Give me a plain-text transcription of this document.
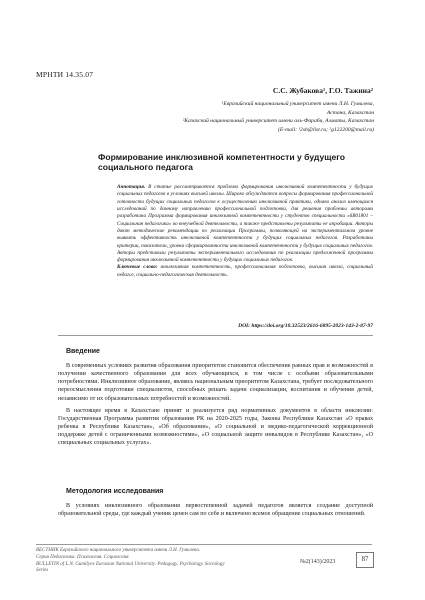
МРНТИ 14.35.07
С.С. Жубакова¹, Г.О. Тажина²
¹Евразийский национальный университет имени Л.Н. Гумилева,
Астана, Казахстан
²Казахский национальный университет имени аль-Фараби, Алматы, Казахстан
(E-mail: ¹2sb@list.ru; ²g122200@mail.ru)
Формирование инклюзивной компетентности у будущего социального педагога
Аннотация. В статье рассматривается проблема формирования инклюзивной компетентности у будущих социальных педагогов в условиях высшей школы. Широко обсуждаются вопросы формирования профессиональной готовности будущих социальных педагогов к осуществлению инклюзивной практики, однако анализ имеющихся исследований по данному направлению профессиональной подготовки, для решения проблемы авторами разработана Программа формирования инклюзивной компетентности у студентов специальности «6В01801 – Социальная педагогика» во внеучебной деятельности, а также представлены результаты ее апробации. Авторы дают методические рекомендации по реализации Программы, позволяющей на экспериментальном уровне выявить эффективность инклюзивной компетентности у будущих социальных педагогов. Разработаны критерии, показатели, уровни сформированности инклюзивной компетентности у будущих социальных педагогов. Авторы представили результаты экспериментального исследования по реализации предложенной программы формирования инклюзивной компетентности у будущих социальных педагогов.
Ключевые слова: инклюзивная компетентность, профессиональная подготовка, высшая школа, социальный педагог, социально-педагогическая деятельность.
DOI: https://doi.org/10.32523/2616-6895-2023-143-2-87-97
Введение

В современных условиях развития образования приоритетом становится обеспечение равных прав и возможностей в получении качественного образования для всех обучающихся, в том числе с особыми образовательными потребностями. Инклюзивное образование, являясь национальным приоритетом Казахстана, требует последовательного переосмысления подготовки специалистов, способных решать задачи социализации, воспитания и обучения детей, независимо от их образовательных потребностей и возможностей.

В настоящее время в Казахстане принят и реализуется ряд нормативных документов в области инклюзии: Государственная Программа развития образования РК на 2020-2025 годы, Законы Республики Казахстан «О правах ребенка в Республике Казахстан», «Об образовании», «О социальной и медико-педагогической коррекционной поддержке детей с ограниченными возможностями», «О социальной защите инвалидов в Республике Казахстан», «О специальных социальных услугах».

Методология исследования

В условиях инклюзивного образования первостепенной задачей педагогов является создание доступной образовательной среды, где каждый ученик ценен сам по себе и включено всемое обращение социальных отношений.

ВЕСТНИК Евразийского национального университета имени Л.Н. Гумилева.
Серия Педагогика. Психология. Социология
BULLETIN of L.N. Gumilyov Eurasian National University. Pedagogy. Psychology. Sociology Series
№2(143)/2023	87
